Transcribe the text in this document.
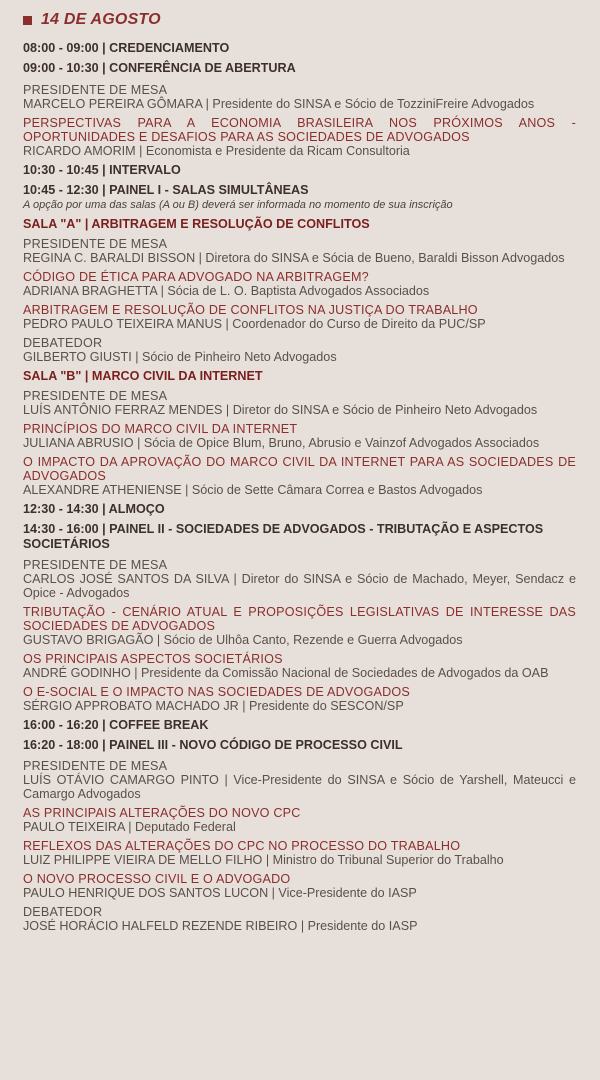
14 DE AGOSTO
08:00 - 09:00 | CREDENCIAMENTO
09:00 - 10:30 | CONFERÊNCIA DE ABERTURA
PRESIDENTE DE MESA
MARCELO PEREIRA GÔMARA | Presidente do SINSA e Sócio de TozziniFreire Advogados
PERSPECTIVAS PARA A ECONOMIA BRASILEIRA NOS PRÓXIMOS ANOS - OPORTUNIDADES E DESAFIOS PARA AS SOCIEDADES DE ADVOGADOS
RICARDO AMORIM | Economista e Presidente da Ricam Consultoria
10:30 - 10:45 | INTERVALO
10:45 - 12:30 | PAINEL I - SALAS SIMULTÂNEAS
A opção por uma das salas (A ou B) deverá ser informada no momento de sua inscrição
SALA "A" | ARBITRAGEM E RESOLUÇÃO DE CONFLITOS
PRESIDENTE DE MESA
REGINA C. BARALDI BISSON | Diretora do SINSA e Sócia de Bueno, Baraldi Bisson Advogados
CÓDIGO DE ÉTICA PARA ADVOGADO NA ARBITRAGEM?
ADRIANA BRAGHETTA | Sócia de L. O. Baptista Advogados Associados
ARBITRAGEM E RESOLUÇÃO DE CONFLITOS NA JUSTIÇA DO TRABALHO
PEDRO PAULO TEIXEIRA MANUS | Coordenador do Curso de Direito da PUC/SP
DEBATEDOR
GILBERTO GIUSTI | Sócio de Pinheiro Neto Advogados
SALA "B" | MARCO CIVIL DA INTERNET
PRESIDENTE DE MESA
LUÍS ANTÔNIO FERRAZ MENDES | Diretor do SINSA e Sócio de Pinheiro Neto Advogados
PRINCÍPIOS DO MARCO CIVIL DA INTERNET
JULIANA ABRUSIO | Sócia de Opice Blum, Bruno, Abrusio e Vainzof Advogados Associados
O IMPACTO DA APROVAÇÃO DO MARCO CIVIL DA INTERNET PARA AS SOCIEDADES DE ADVOGADOS
ALEXANDRE ATHENIENSE | Sócio de Sette Câmara Correa e Bastos Advogados
12:30 - 14:30 | ALMOÇO
14:30 - 16:00 | PAINEL II - SOCIEDADES DE ADVOGADOS - TRIBUTAÇÃO E ASPECTOS SOCIETÁRIOS
PRESIDENTE DE MESA
CARLOS JOSÉ SANTOS DA SILVA | Diretor do SINSA e Sócio de Machado, Meyer, Sendacz e Opice - Advogados
TRIBUTAÇÃO - CENÁRIO ATUAL E PROPOSIÇÕES LEGISLATIVAS DE INTERESSE DAS SOCIEDADES DE ADVOGADOS
GUSTAVO BRIGAGÃO | Sócio de Ulhôa Canto, Rezende e Guerra Advogados
OS PRINCIPAIS ASPECTOS SOCIETÁRIOS
ANDRÉ GODINHO | Presidente da Comissão Nacional de Sociedades de Advogados da OAB
O E-SOCIAL E O IMPACTO NAS SOCIEDADES DE ADVOGADOS
SÉRGIO APPROBATO MACHADO JR | Presidente do SESCON/SP
16:00 - 16:20 | COFFEE BREAK
16:20 - 18:00 | PAINEL III - NOVO CÓDIGO DE PROCESSO CIVIL
PRESIDENTE DE MESA
LUÍS OTÁVIO CAMARGO PINTO | Vice-Presidente do SINSA e Sócio de Yarshell, Mateucci e Camargo Advogados
AS PRINCIPAIS ALTERAÇÕES DO NOVO CPC
PAULO TEIXEIRA | Deputado Federal
REFLEXOS DAS ALTERAÇÕES DO CPC NO PROCESSO DO TRABALHO
LUIZ PHILIPPE VIEIRA DE MELLO FILHO | Ministro do Tribunal Superior do Trabalho
O NOVO PROCESSO CIVIL E O ADVOGADO
PAULO HENRIQUE DOS SANTOS LUCON | Vice-Presidente do IASP
DEBATEDOR
JOSÉ HORÁCIO HALFELD REZENDE RIBEIRO | Presidente do IASP
